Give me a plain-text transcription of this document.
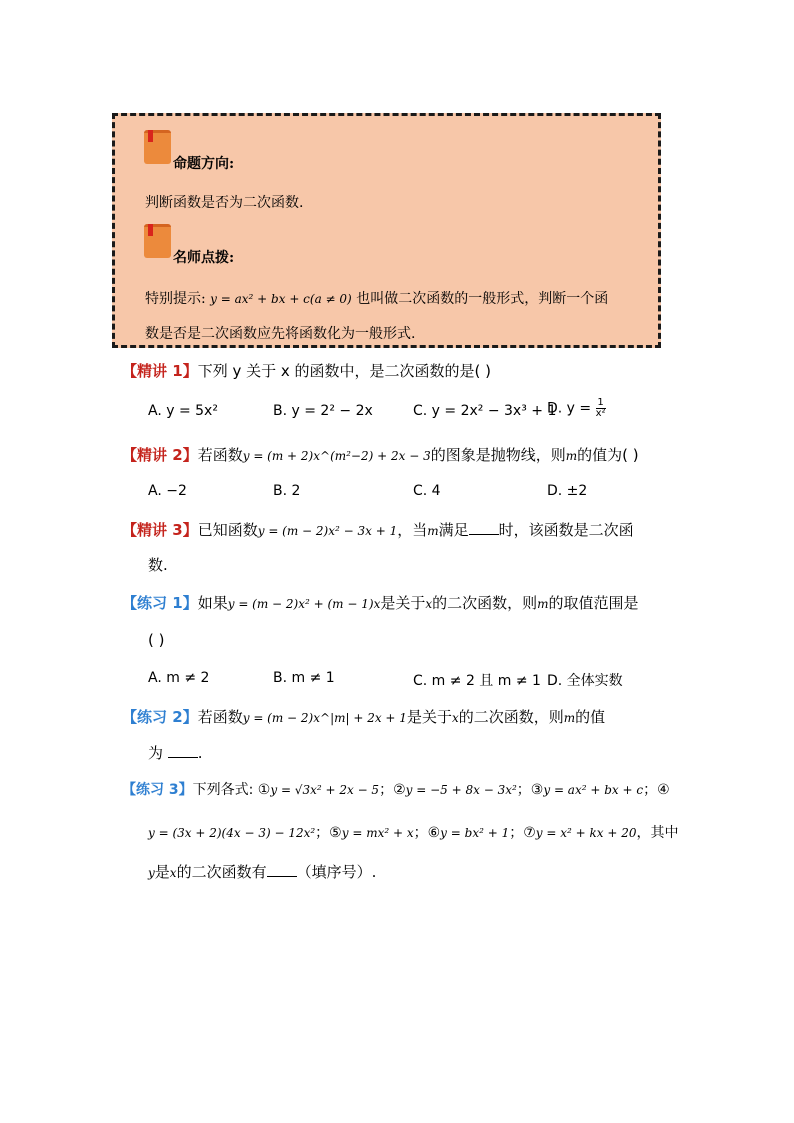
命题方向:
判断函数是否为二次函数.
名师点拨:
特别提示: y = ax² + bx + c(a ≠ 0) 也叫做二次函数的一般形式，判断一个函
数是否是二次函数应先将函数化为一般形式.
【精讲 1】下列 y 关于 x 的函数中，是二次函数的是( )
A. y = 5x²	B. y = 2² − 2x	C. y = 2x² − 3x³ + 1
D. $y = \frac{1}{\text{x²}}$
【精讲 2】若函数y = (m + 2)x^(m²−2) + 2x − 3的图象是抛物线，则m的值为( )
A. −2	B. 2	C. 4	D. ±2
【精讲 3】已知函数y = (m − 2)x² − 3x + 1，当m满足 时，该函数是二次函
数.
【练习 1】如果y = (m − 2)x² + (m − 1)x是关于x的二次函数，则m的取值范围是
( )
A. m ≠ 2	B. m ≠ 1	C. m ≠ 2 且 m ≠ 1 D. 全体实数
【练习 2】若函数y = (m − 2)x^|m| + 2x + 1是关于x的二次函数，则m的值
为 .
【练习 3】下列各式: ①y = √3x² + 2x − 5；②y = −5 + 8x − 3x²；③y = ax² + bx + c；④
y = (3x + 2)(4x − 3) − 12x²；⑤y = mx² + x；⑥y = bx² + 1；⑦y = x² + kx + 20，其中
y是x的二次函数有 （填序号）.
